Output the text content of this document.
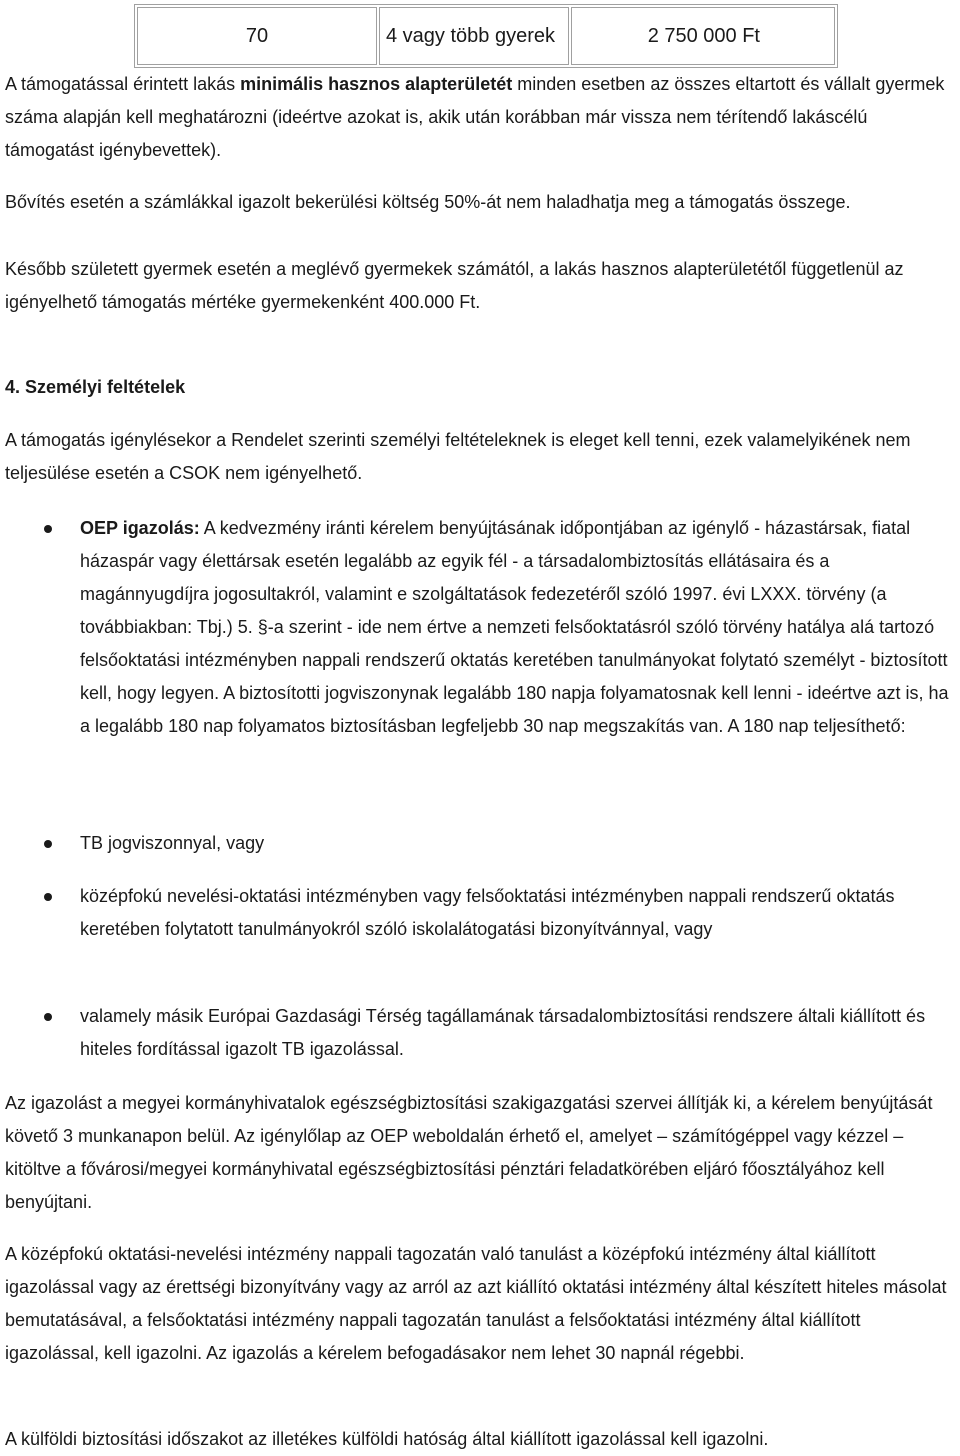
70	4 vagy több gyerek	2 750 000 Ft

A támogatással érintett lakás minimális hasznos alapterületét minden esetben az összes eltartott és vállalt gyermek száma alapján kell meghatározni (ideértve azokat is, akik után korábban már vissza nem térítendő lakáscélú támogatást igénybevettek).

Bővítés esetén a számlákkal igazolt bekerülési költség 50%-át nem haladhatja meg a támogatás összege.

Később született gyermek esetén a meglévő gyermekek számától, a lakás hasznos alapterületétől függetlenül az igényelhető támogatás mértéke gyermekenként 400.000 Ft.

4. Személyi feltételek

A támogatás igénylésekor a Rendelet szerinti személyi feltételeknek is eleget kell tenni, ezek valamelyikének nem teljesülése esetén a CSOK nem igényelhető.

OEP igazolás: A kedvezmény iránti kérelem benyújtásának időpontjában az igénylő - házastársak, fiatal házaspár vagy élettársak esetén legalább az egyik fél - a társadalombiztosítás ellátásaira és a magánnyugdíjra jogosultakról, valamint e szolgáltatások fedezetéről szóló 1997. évi LXXX. törvény (a továbbiakban: Tbj.) 5. §-a szerint - ide nem értve a nemzeti felsőoktatásról szóló törvény hatálya alá tartozó felsőoktatási intézményben nappali rendszerű oktatás keretében tanulmányokat folytató személyt - biztosított kell, hogy legyen. A biztosítotti jogviszonynak legalább 180 napja folyamatosnak kell lenni - ideértve azt is, ha a legalább 180 nap folyamatos biztosításban legfeljebb 30 nap megszakítás van. A 180 nap teljesíthető:

TB jogviszonnyal, vagy

középfokú nevelési-oktatási intézményben vagy felsőoktatási intézményben nappali rendszerű oktatás keretében folytatott tanulmányokról szóló iskolalátogatási bizonyítvánnyal, vagy

valamely másik Európai Gazdasági Térség tagállamának társadalombiztosítási rendszere általi kiállított és hiteles fordítással igazolt TB igazolással.

Az igazolást a megyei kormányhivatalok egészségbiztosítási szakigazgatási szervei állítják ki, a kérelem benyújtását követő 3 munkanapon belül. Az igénylőlap az OEP weboldalán érhető el, amelyet – számítógéppel vagy kézzel – kitöltve a fővárosi/megyei kormányhivatal egészségbiztosítási pénztári feladatkörében eljáró főosztályához kell benyújtani.

A középfokú oktatási-nevelési intézmény nappali tagozatán való tanulást a középfokú intézmény által kiállított igazolással vagy az érettségi bizonyítvány vagy az arról az azt kiállító oktatási intézmény által készített hiteles másolat bemutatásával, a felsőoktatási intézmény nappali tagozatán tanulást a felsőoktatási intézmény által kiállított igazolással, kell igazolni. Az igazolás a kérelem befogadásakor nem lehet 30 napnál régebbi.

A külföldi biztosítási időszakot az illetékes külföldi hatóság által kiállított igazolással kell igazolni.
